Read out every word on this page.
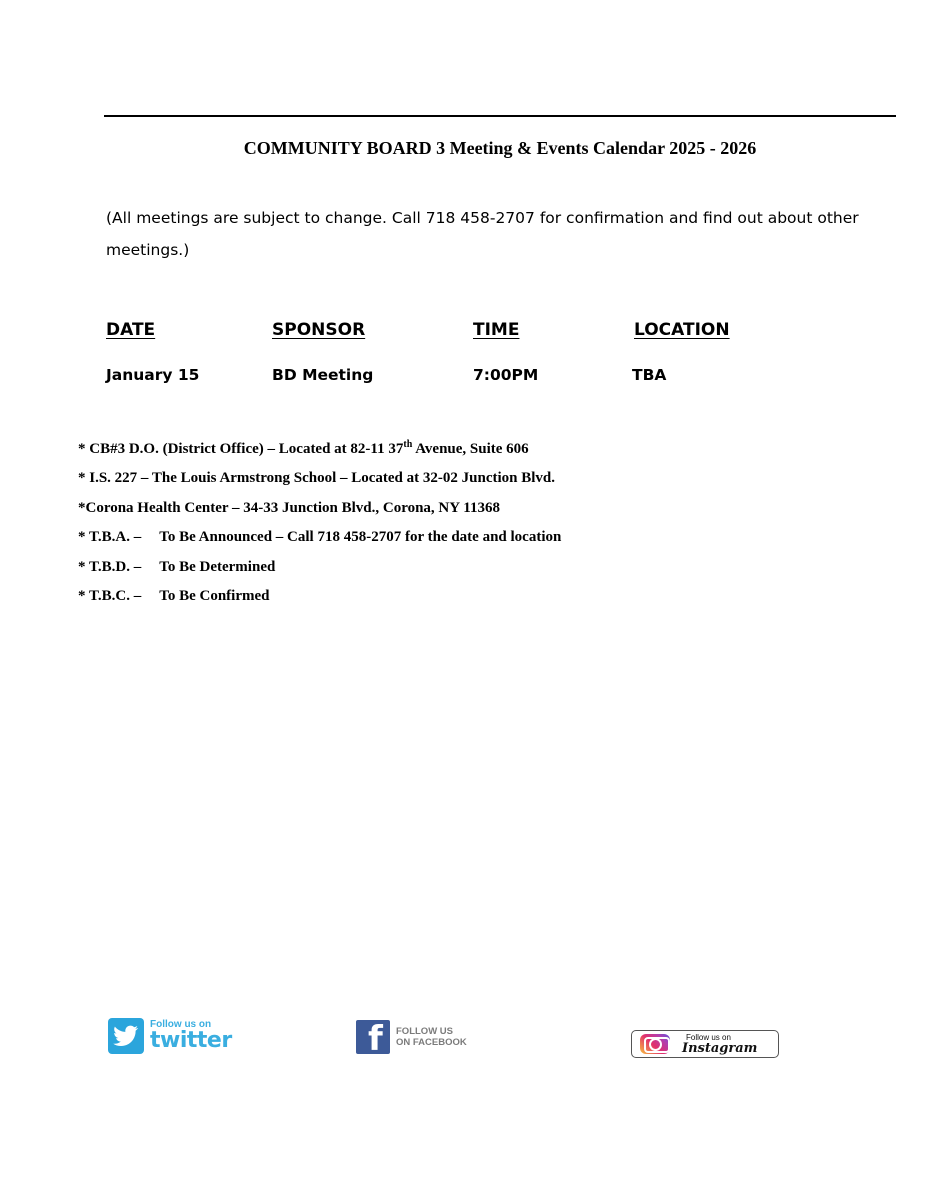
COMMUNITY BOARD 3 Meeting & Events Calendar 2025 - 2026
(All meetings are subject to change. Call 718 458-2707 for confirmation and find out about other meetings.)
DATE	SPONSOR	TIME	LOCATION
January 15	BD Meeting	7:00PM	TBA
* CB#3 D.O. (District Office) – Located at 82-11 37th Avenue, Suite 606
* I.S. 227 – The Louis Armstrong School – Located at 32-02 Junction Blvd.
*Corona Health Center – 34-33 Junction Blvd., Corona, NY 11368
* T.B.A. – To Be Announced – Call 718 458-2707 for the date and location
* T.B.D. – To Be Determined
* T.B.C. – To Be Confirmed
Follow us on
twitter	f FOLLOW US
ON FACEBOOK	Follow us on
Instagram
